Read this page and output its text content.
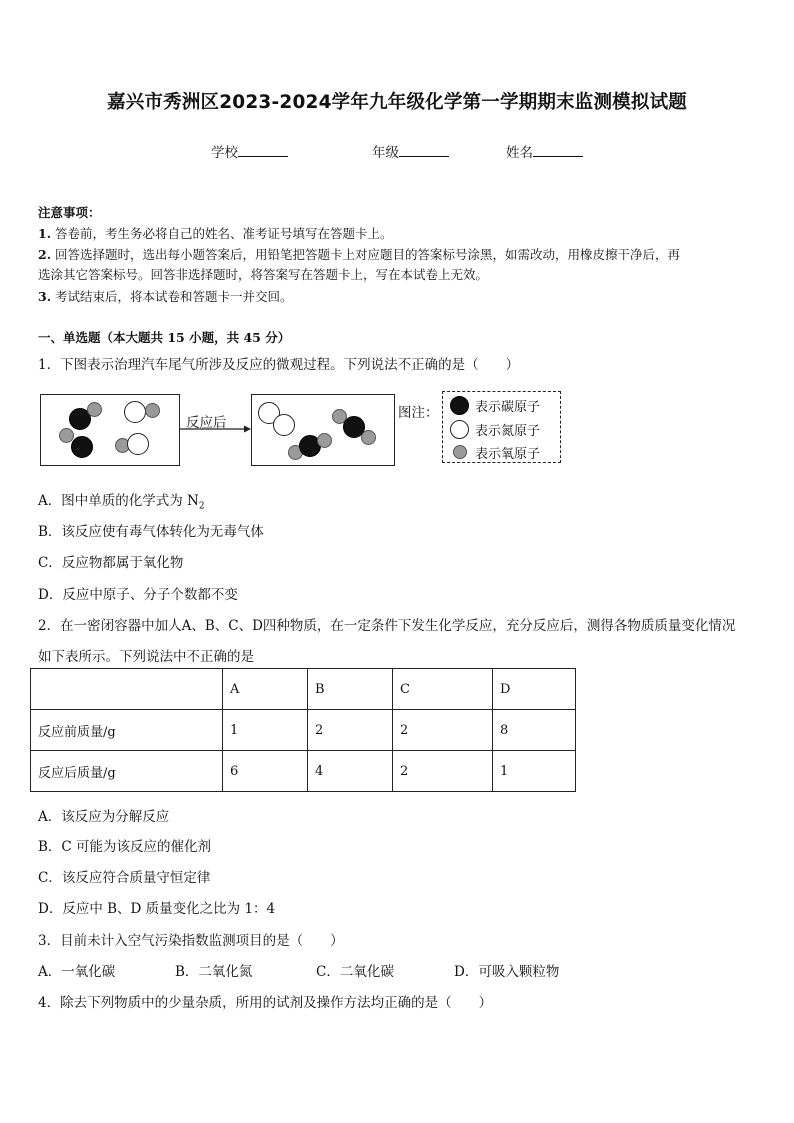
嘉兴市秀洲区2023-2024学年九年级化学第一学期期末监测模拟试题
学校	年级	姓名
注意事项：
1. 答卷前，考生务必将自己的姓名、准考证号填写在答题卡上。
2. 回答选择题时，选出每小题答案后，用铅笔把答题卡上对应题目的答案标号涂黑，如需改动，用橡皮擦干净后，再
选涂其它答案标号。回答非选择题时，将答案写在答题卡上，写在本试卷上无效。
3. 考试结束后，将本试卷和答题卡一并交回。
一、单选题（本大题共 15 小题，共 45 分）
1．下图表示治理汽车尾气所涉及反应的微观过程。下列说法不正确的是（　　）
反应后
图注：	表示碳原子
表示氮原子
表示氧原子
A．图中单质的化学式为 $N_2$
B．该反应使有毒气体转化为无毒气体
C．反应物都属于氧化物
D．反应中原子、分子个数都不变
2．在一密闭容器中加人A、B、C、D四种物质，在一定条件下发生化学反应，充分反应后，测得各物质质量变化情况
如下表所示。下列说法中不正确的是
	A	B	C	D
反应前质量/g	1	2	2	8
反应后质量/g	6	4	2	1
A．该反应为分解反应
B．C 可能为该反应的催化剂
C．该反应符合质量守恒定律
D．反应中 B、D 质量变化之比为 1：4
3．目前未计入空气污染指数监测项目的是（　　）
A．一氧化碳	B．二氧化氮	C．二氧化碳	D．可吸入颗粒物
4．除去下列物质中的少量杂质，所用的试剂及操作方法均正确的是（　　）
